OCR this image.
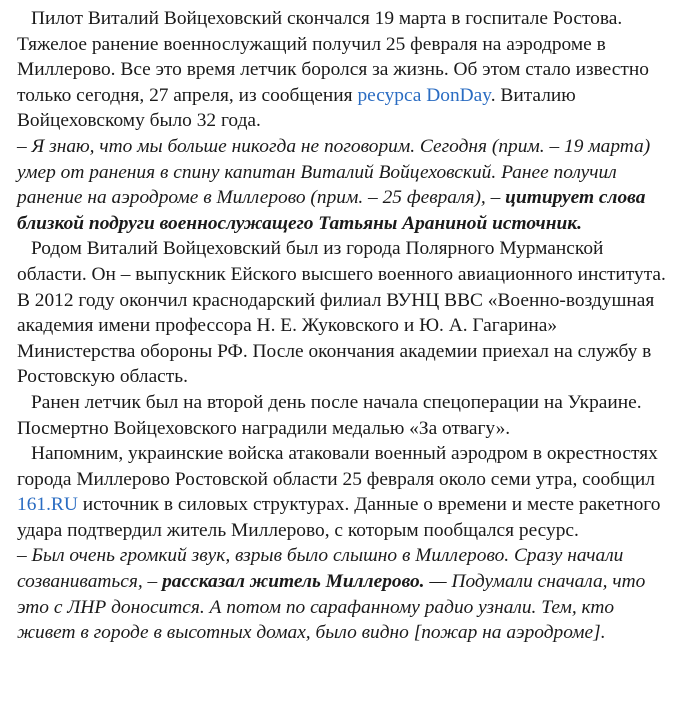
Пилот Виталий Войцеховский скончался 19 марта в госпитале Ростова. Тяжелое ранение военнослужащий получил 25 февраля на аэродроме в Миллерово. Все это время летчик боролся за жизнь. Об этом стало известно только сегодня, 27 апреля, из сообщения ресурса DonDay. Виталию Войцеховскому было 32 года.

– Я знаю, что мы больше никогда не поговорим. Сегодня (прим. – 19 марта) умер от ранения в спину капитан Виталий Войцеховский. Ранее получил ранение на аэродроме в Миллерово (прим. – 25 февраля), – цитирует слова близкой подруги военнослужащего Татьяны Араниной источник.

Родом Виталий Войцеховский был из города Полярного Мурманской области. Он – выпускник Ейского высшего военного авиационного института. В 2012 году окончил краснодарский филиал ВУНЦ ВВС «Военно-воздушная академия имени профессора Н. Е. Жуковского и Ю. А. Гагарина» Министерства обороны РФ. После окончания академии приехал на службу в Ростовскую область.

Ранен летчик был на второй день после начала спецоперации на Украине. Посмертно Войцеховского наградили медалью «За отвагу».

Напомним, украинские войска атаковали военный аэродром в окрестностях города Миллерово Ростовской области 25 февраля около семи утра, сообщил 161.RU источник в силовых структурах. Данные о времени и месте ракетного удара подтвердил житель Миллерово, с которым пообщался ресурс.

– Был очень громкий звук, взрыв было слышно в Миллерово. Сразу начали созваниваться, – рассказал житель Миллерово. — Подумали сначала, что это с ЛНР доносится. А потом по сарафанному радио узнали. Тем, кто живет в городе в высотных домах, было видно [пожар на аэродроме].
